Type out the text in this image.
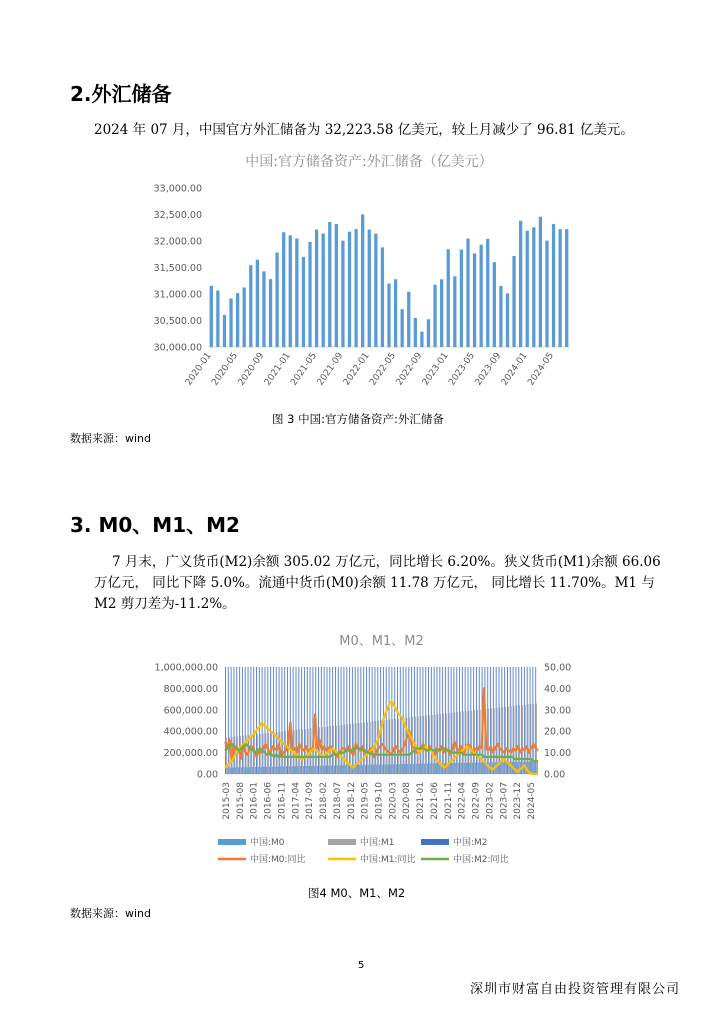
2.外汇储备
2024 年 07 月，中国官方外汇储备为 32,223.58 亿美元，较上月减少了 96.81 亿美元。
中国:官方储备资产:外汇储备（亿美元）
30,000.00
30,500.00
31,000.00
31,500.00
32,000.00
32,500.00
33,000.00
2020-01
2020-05
2020-09
2021-01
2021-05
2021-09
2022-01
2022-05
2022-09
2023-01
2023-05
2023-09
2024-01
2024-05
图 3 中国:官方储备资产:外汇储备
数据来源：wind
3. M0、M1、M2
7 月末，广义货币(M2)余额 305.02 万亿元，同比增长 6.20%。狭义货币(M1)余额 66.06
万亿元， 同比下降 5.0%。流通中货币(M0)余额 11.78 万亿元， 同比增长 11.70%。M1 与
M2 剪刀差为-11.2%。
M0、M1、M2
0.00
200,000.00
400,000.00
600,000.00
800,000.00
1,000,000.00
0.00
10.00
20.00
30.00
40.00
50.00
2015-03 2015-08 2016-01 2016-06 2016-11 2017-04 2017-09 2018-02 2018-07 2018-12 2019-05 2019-10 2020-03 2020-08 2021-01 2021-06 2021-11 2022-04 2022-09 2023-02 2023-07 2023-12 2024-05
中国:M0	中国:M1	中国:M2
中国:M0:同比	中国:M1:同比	中国:M2:同比
图4 M0、M1、M2
数据来源：wind
5
深圳市财富自由投资管理有限公司
